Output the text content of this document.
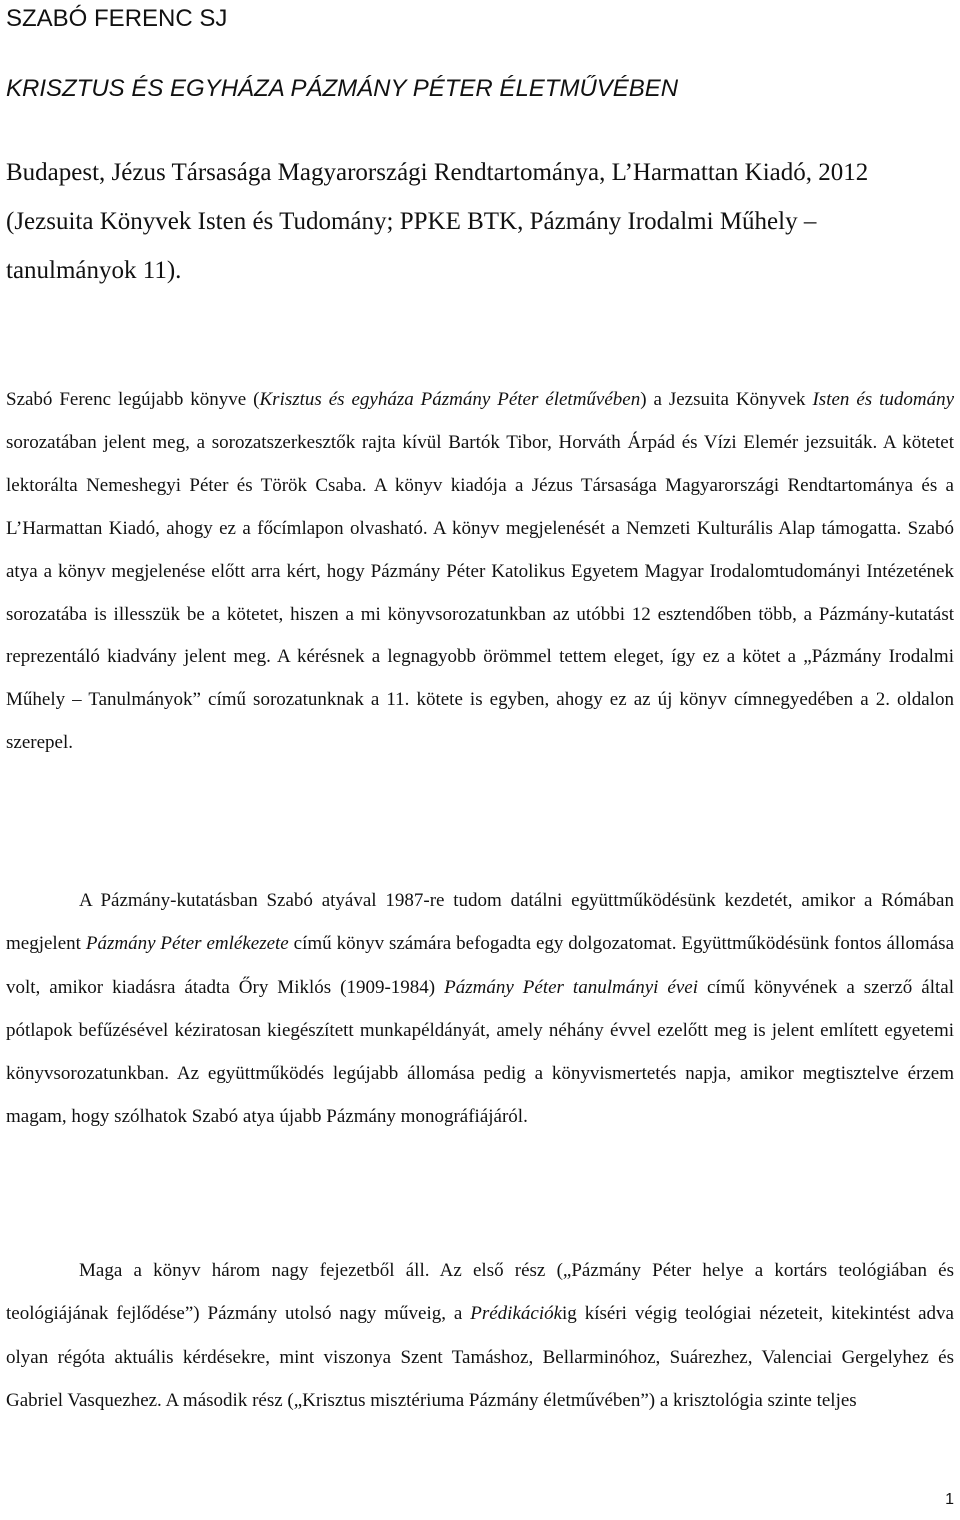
SZABÓ FERENC SJ
KRISZTUS ÉS EGYHÁZA PÁZMÁNY PÉTER ÉLETMŰVÉBEN

Budapest, Jézus Társasága Magyarországi Rendtartománya, L’Harmattan Kiadó, 2012 (Jezsuita Könyvek Isten és Tudomány; PPKE BTK, Pázmány Irodalmi Műhely – tanulmányok 11).

Szabó Ferenc legújabb könyve (Krisztus és egyháza Pázmány Péter életművében) a Jezsuita Könyvek Isten és tudomány sorozatában jelent meg, a sorozatszerkesztők rajta kívül Bartók Tibor, Horváth Árpád és Vízi Elemér jezsuiták. A kötetet lektorálta Nemeshegyi Péter és Török Csaba. A könyv kiadója a Jézus Társasága Magyarországi Rendtartománya és a L’Harmattan Kiadó, ahogy ez a főcímlapon olvasható. A könyv megjelenését a Nemzeti Kulturális Alap támogatta. Szabó atya a könyv megjelenése előtt arra kért, hogy Pázmány Péter Katolikus Egyetem Magyar Irodalomtudományi Intézetének sorozatába is illesszük be a kötetet, hiszen a mi könyvsorozatunkban az utóbbi 12 esztendőben több, a Pázmány-kutatást reprezentáló kiadvány jelent meg. A kérésnek a legnagyobb örömmel tettem eleget, így ez a kötet a „Pázmány Irodalmi Műhely – Tanulmányok” című sorozatunknak a 11. kötete is egyben, ahogy ez az új könyv címnegyedében a 2. oldalon szerepel.

A Pázmány-kutatásban Szabó atyával 1987-re tudom datálni együttműködésünk kezdetét, amikor a Rómában megjelent Pázmány Péter emlékezete című könyv számára befogadta egy dolgozatomat. Együttműködésünk fontos állomása volt, amikor kiadásra átadta Őry Miklós (1909-1984) Pázmány Péter tanulmányi évei című könyvének a szerző által pótlapok befűzésével kéziratosan kiegészített munkapéldányát, amely néhány évvel ezelőtt meg is jelent említett egyetemi könyvsorozatunkban. Az együttműködés legújabb állomása pedig a könyvismertetés napja, amikor megtisztelve érzem magam, hogy szólhatok Szabó atya újabb Pázmány monográfiájáról.

Maga a könyv három nagy fejezetből áll. Az első rész („Pázmány Péter helye a kortárs teológiában és teológiájának fejlődése”) Pázmány utolsó nagy műveig, a Prédikációkig kíséri végig teológiai nézeteit, kitekintést adva olyan régóta aktuális kérdésekre, mint viszonya Szent Tamáshoz, Bellarminóhoz, Suárezhez, Valenciai Gergelyhez és Gabriel Vasquezhez. A második rész („Krisztus misztériuma Pázmány életművében”) a krisztológia szinte teljes

1
